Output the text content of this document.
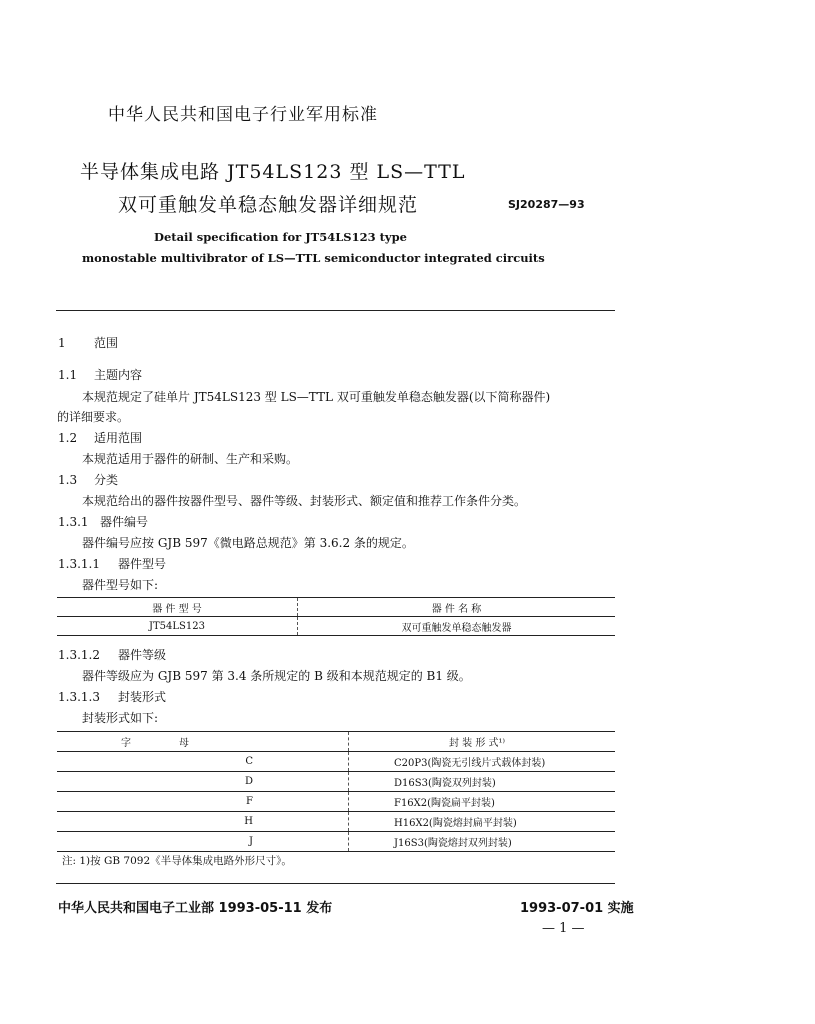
中华人民共和国电子行业军用标准
半导体集成电路 JT54LS123 型 LS—TTL
双可重触发单稳态触发器详细规范	SJ20287—93
Detail specification for JT54LS123 type
monostable multivibrator of LS—TTL semiconductor integrated circuits
1 范围
1.1 主题内容
本规范规定了硅单片 JT54LS123 型 LS—TTL 双可重触发单稳态触发器(以下简称器件)
的详细要求。
1.2 适用范围
本规范适用于器件的研制、生产和采购。
1.3 分类
本规范给出的器件按器件型号、器件等级、封装形式、额定值和推荐工作条件分类。
1.3.1 器件编号
器件编号应按 GJB 597《微电路总规范》第 3.6.2 条的规定。
1.3.1.1 器件型号
器件型号如下:
器 件 型 号	器 件 名 称
JT54LS123	双可重触发单稳态触发器
1.3.1.2 器件等级
器件等级应为 GJB 597 第 3.4 条所规定的 B 级和本规范规定的 B1 级。
1.3.1.3 封装形式
封装形式如下:
字母	封 装 形 式¹⁾
C	C20P3(陶瓷无引线片式载体封装)
D	D16S3(陶瓷双列封装)
F	F16X2(陶瓷扁平封装)
H	H16X2(陶瓷熔封扁平封装)
J	J16S3(陶瓷熔封双列封装)
注: 1)按 GB 7092《半导体集成电路外形尺寸》。
中华人民共和国电子工业部 1993-05-11 发布	1993-07-01 实施
— 1 —
